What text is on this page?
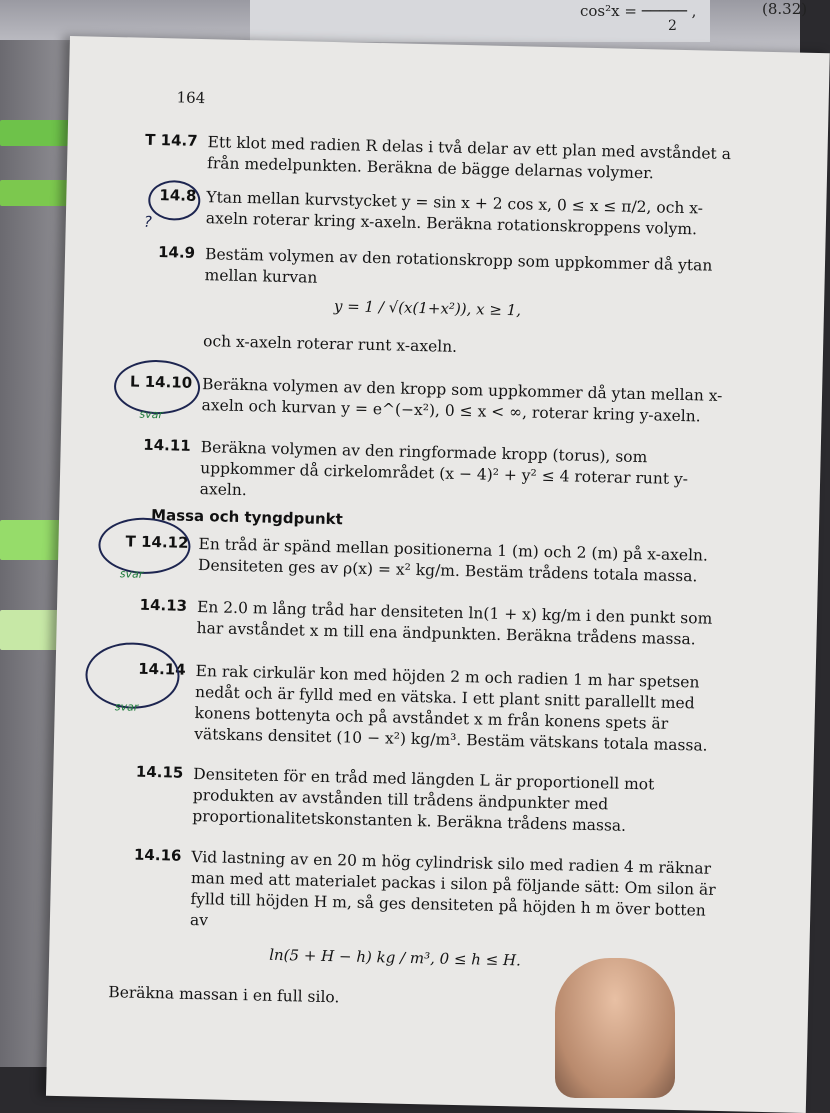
cos²x = ───── ,
2
(8.32)
164
T 14.7 Ett klot med radien R delas i två delar av ett plan med avståndet a från medelpunkten. Beräkna de bägge delarnas volymer.
14.8 Ytan mellan kurvstycket y = sin x + 2 cos x, 0 ≤ x ≤ π/2, och x-axeln roterar kring x-axeln. Beräkna rotationskroppens volym.
?
14.9 Bestäm volymen av den rotationskropp som uppkommer då ytan mellan kurvan
y = 1 / √(x(1+x²)), x ≥ 1,
och x-axeln roterar runt x-axeln.
L 14.10 Beräkna volymen av den kropp som uppkommer då ytan mellan x-axeln och kurvan y = e^(−x²), 0 ≤ x < ∞, roterar kring y-axeln.
svar
14.11 Beräkna volymen av den ringformade kropp (torus), som uppkommer då cirkelområdet (x − 4)² + y² ≤ 4 roterar runt y-axeln.
Massa och tyngdpunkt
T 14.12 En tråd är spänd mellan positionerna 1 (m) och 2 (m) på x-axeln. Densiteten ges av ρ(x) = x² kg/m. Bestäm trådens totala massa.
svar
14.13 En 2.0 m lång tråd har densiteten ln(1 + x) kg/m i den punkt som har avståndet x m till ena ändpunkten. Beräkna trådens massa.
14.14 En rak cirkulär kon med höjden 2 m och radien 1 m har spetsen nedåt och är fylld med en vätska. I ett plant snitt parallellt med konens bottenyta och på avståndet x m från konens spets är vätskans densitet (10 − x²) kg/m³. Bestäm vätskans totala massa.
svar
14.15 Densiteten för en tråd med längden L är proportionell mot produkten av avstånden till trådens ändpunkter med proportionalitetskonstanten k. Beräkna trådens massa.
14.16 Vid lastning av en 20 m hög cylindrisk silo med radien 4 m räknar man med att materialet packas i silon på följande sätt: Om silon är fylld till höjden H m, så ges densiteten på höjden h m över botten av
ln(5 + H − h) kg / m³, 0 ≤ h ≤ H.
Beräkna massan i en full silo.
